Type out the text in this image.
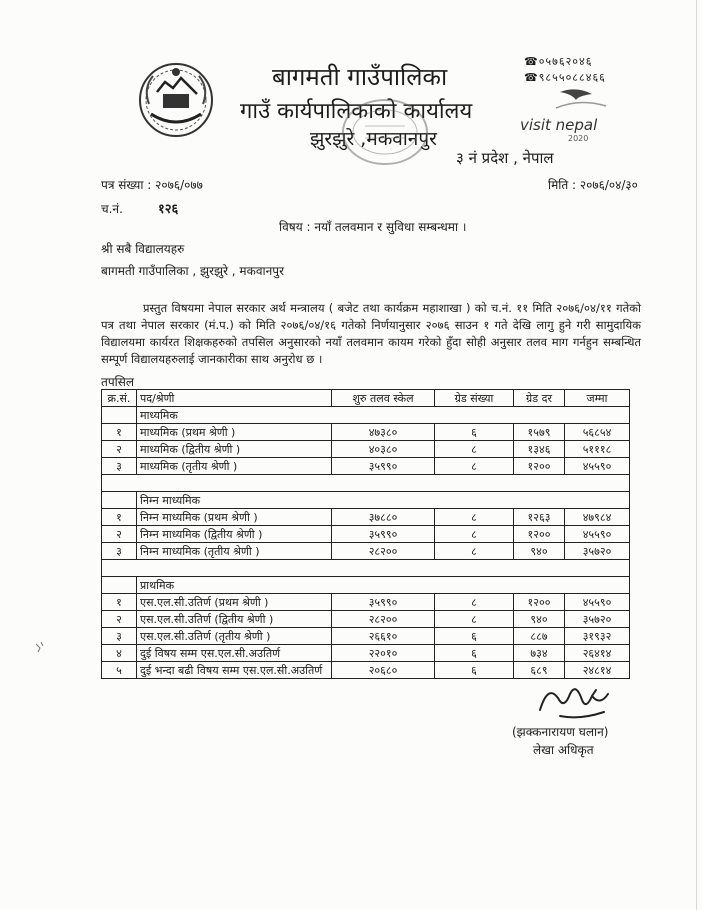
बागमती गाउँपालिका
गाउँ कार्यपालिकाको कार्यालय
झुरझुरे ,मकवानपुर
३ नं प्रदेश , नेपाल
☎०५७६२०४६
☎९८५५०८८४६६
visit nepal
2020
पत्र संख्या : २०७६/०७७	मिति : २०७६/०४/३०
च.नं.	१२६
विषय : नयाँ तलवमान र सुविधा सम्बन्धमा ।
श्री सबै विद्यालयहरु
बागमती गाउँपालिका , झुरझुरे , मकवानपुर
प्रस्तुत विषयमा नेपाल सरकार अर्थ मन्त्रालय ( बजेट तथा कार्यक्रम महाशाखा ) को च.नं. ११ मिति २०७६/०४/११ गतेको पत्र तथा नेपाल सरकार (मं.प.) को मिति २०७६/०४/१६ गतेको निर्णयानुसार २०७६ साउन १ गते देखि लागु हुने गरी सामुदायिक विद्यालयमा कार्यरत शिक्षकहरुको तपसिल अनुसारको नयाँ तलवमान कायम गरेको हुँदा सोही अनुसार तलव माग गर्नहुन सम्बन्धित सम्पूर्ण विद्यालयहरुलाई जानकारीका साथ अनुरोध छ ।
तपसिल
क्र.सं.	पद/श्रेणी	शुरु तलव स्केल	ग्रेड संख्या	ग्रेड दर	जम्मा
	माध्यमिक				
१	माध्यमिक (प्रथम श्रेणी )	४७३८०	६	१५७९	५६८५४
२	माध्यमिक (द्वितीय श्रेणी )	४०३८०	८	१३४६	५१११८
३	माध्यमिक (तृतीय श्रेणी )	३५९९०	८	१२००	४५५९०

	निम्न माध्यमिक				
१	निम्न माध्यमिक (प्रथम श्रेणी )	३७८८०	८	१२६३	४७९८४
२	निम्न माध्यमिक (द्वितीय श्रेणी )	३५९९०	८	१२००	४५५९०
३	निम्न माध्यमिक (तृतीय श्रेणी )	२८२००	८	९४०	३५७२०

	प्राथमिक				
१	एस.एल.सी.उतिर्ण (प्रथम श्रेणी )	३५९९०	८	१२००	४५५९०
२	एस.एल.सी.उतिर्ण (द्वितीय श्रेणी )	२८२००	८	९४०	३५७२०
३	एस.एल.सी.उतिर्ण (तृतीय श्रेणी )	२६६१०	६	८८७	३१९३२
४	दुई विषय सम्म एस.एल.सी.अउतिर्ण	२२०१०	६	७३४	२६४१४
५	दुई भन्दा बढी विषय सम्म एस.एल.सी.अउतिर्ण	२०६८०	६	६८९	२४८१४
(झक्कनारायण घलान)
लेखा अधिकृत
